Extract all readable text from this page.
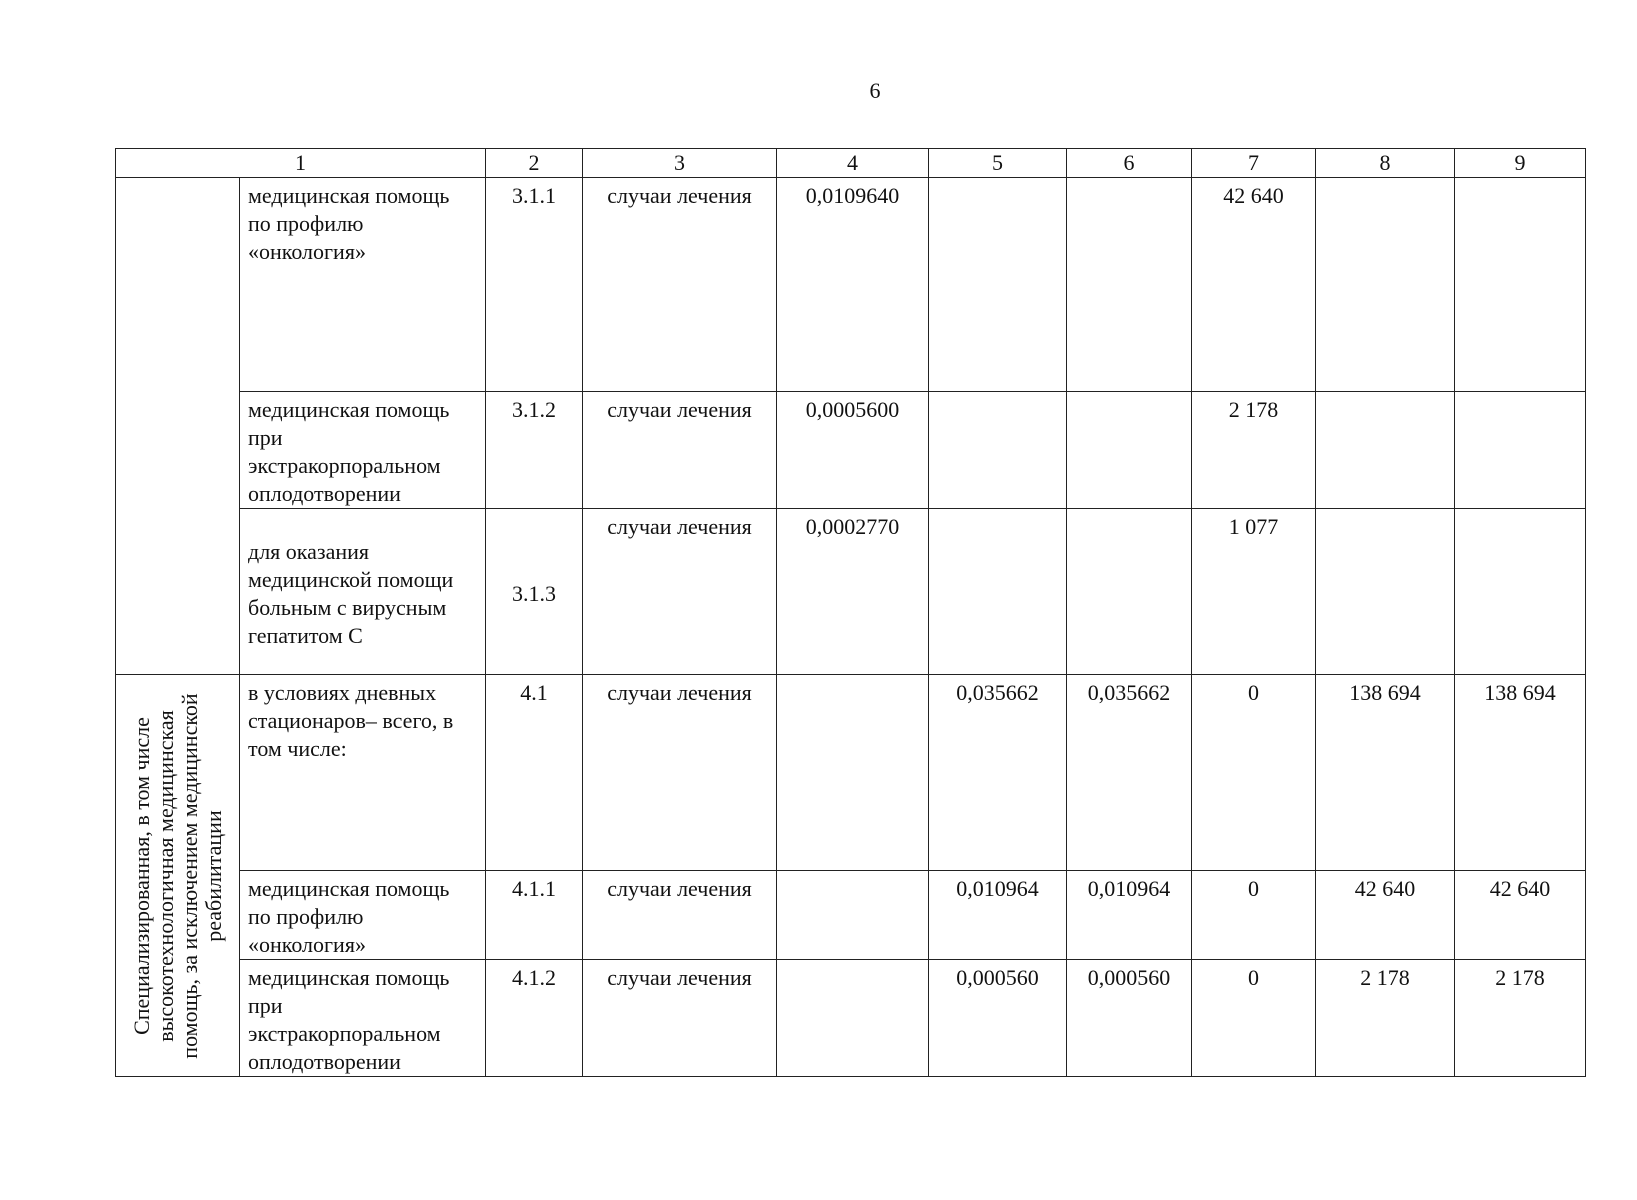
6
1		2	3	4	5	6	7	8	9
	медицинская помощь по профилю «онкология»	3.1.1	случаи лечения	0,0109640			42 640		
	медицинская помощь при экстракорпоральном оплодотворении	3.1.2	случаи лечения	0,0005600			2 178		
	для оказания медицинской помощи больным с вирусным гепатитом С	3.1.3	случаи лечения	0,0002770			1 077		

Специализированная, в том числе высокотехнологичная медицинская помощь, за исключением медицинской реабилитации	в условиях дневных стационаров– всего, в том числе:	4.1	случаи лечения		0,035662	0,035662	0	138 694	138 694
	медицинская помощь по профилю «онкология»	4.1.1	случаи лечения		0,010964	0,010964	0	42 640	42 640
	медицинская помощь при экстракорпоральном оплодотворении	4.1.2	случаи лечения		0,000560	0,000560	0	2 178	2 178
